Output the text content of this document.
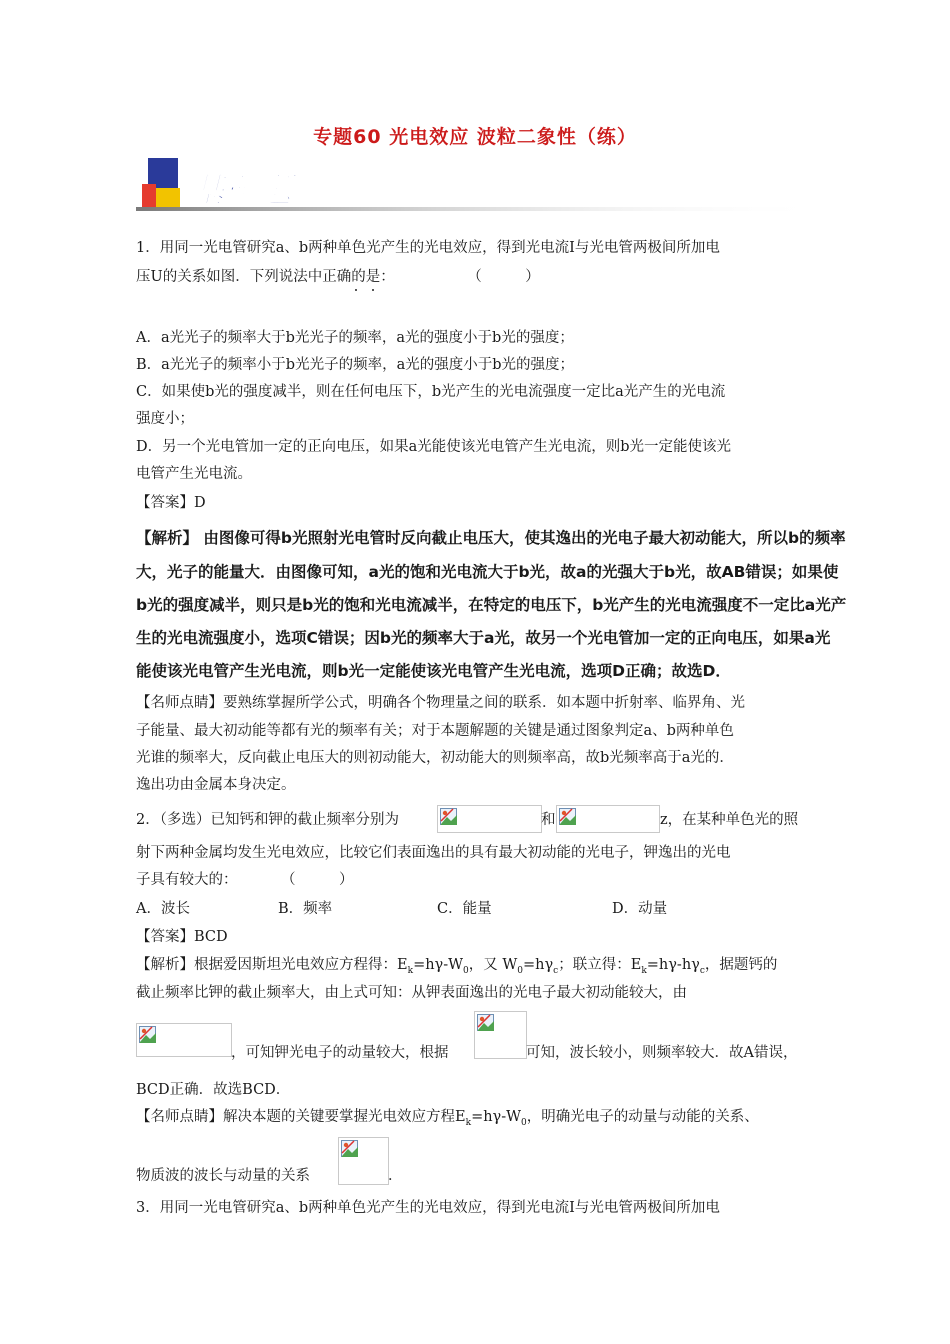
专题60 光电效应 波粒二象性（练）
基础题
1．用同一光电管研究a、b两种单色光产生的光电效应，得到光电流I与光电管两极间所加电
压U的关系如图．下列说法中正确的是：　　　　　　（　　　）
A．a光光子的频率大于b光光子的频率，a光的强度小于b光的强度；
B．a光光子的频率小于b光光子的频率，a光的强度小于b光的强度；
C．如果使b光的强度减半，则在任何电压下，b光产生的光电流强度一定比a光产生的光电流
强度小；
D．另一个光电管加一定的正向电压，如果a光能使该光电管产生光电流，则b光一定能使该光
电管产生光电流。
【答案】D
【解析】 由图像可得b光照射光电管时反向截止电压大，使其逸出的光电子最大初动能大，所以b的频率
大，光子的能量大．由图像可知，a光的饱和光电流大于b光，故a的光强大于b光，故AB错误；如果使
b光的强度减半，则只是b光的饱和光电流减半，在特定的电压下，b光产生的光电流强度不一定比a光产
生的光电流强度小，选项C错误；因b光的频率大于a光，故另一个光电管加一定的正向电压，如果a光
能使该光电管产生光电流，则b光一定能使该光电管产生光电流，选项D正确；故选D．
【名师点睛】要熟练掌握所学公式，明确各个物理量之间的联系．如本题中折射率、临界角、光
子能量、最大初动能等都有光的频率有关；对于本题解题的关键是通过图象判定a、b两种单色
光谁的频率大，反向截止电压大的则初动能大，初动能大的则频率高，故b光频率高于a光的．
逸出功由金属本身决定。
2．（多选）已知钙和钾的截止频率分别为	和	z，在某种单色光的照
射下两种金属均发生光电效应，比较它们表面逸出的具有最大初动能的光电子，钾逸出的光电
子具有较大的：　　　　（　　　）
A．波长	B．频率	C．能量	D．动量
【答案】BCD
【解析】根据爱因斯坦光电效应方程得：$E_k=h\gamma-W_0$，又 $W_0=h\gamma_c$；联立得：$E_k=h\gamma-h\gamma_c$，据题钙的
截止频率比钾的截止频率大，由上式可知：从钾表面逸出的光电子最大初动能较大，由
，可知钾光电子的动量较大，根据	可知，波长较小，则频率较大．故A错误，
BCD正确．故选BCD．
【名师点睛】解决本题的关键要掌握光电效应方程$E_k=h\gamma-W_0$，明确光电子的动量与动能的关系、
物质波的波长与动量的关系	．
3．用同一光电管研究a、b两种单色光产生的光电效应，得到光电流I与光电管两极间所加电
